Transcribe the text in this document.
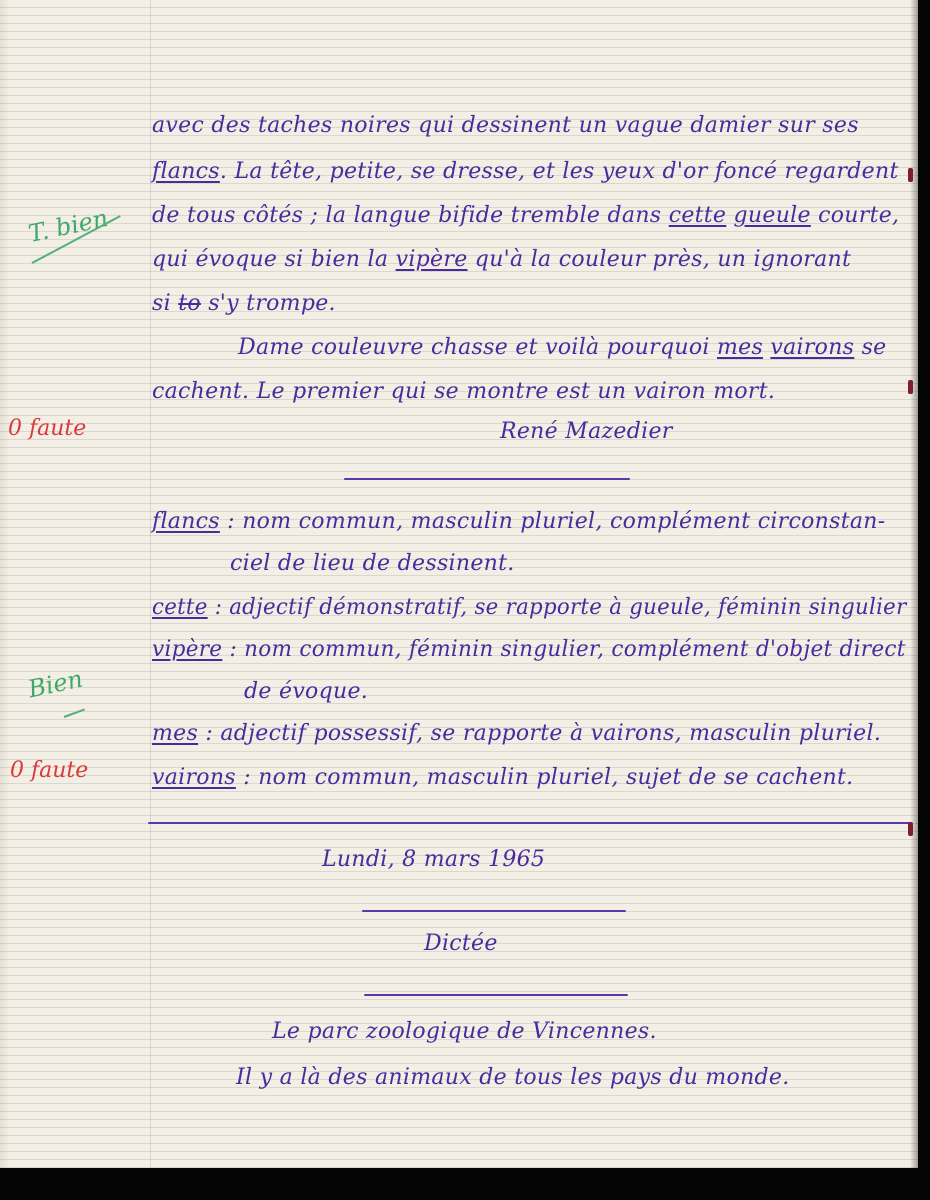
T. bien
0 faute
Bien
0 faute
avec des taches noires qui dessinent un vague damier sur ses
flancs. La tête, petite, se dresse, et les yeux d'or foncé regardent
de tous côtés ; la langue bifide tremble dans cette gueule courte,
qui évoque si bien la vipère qu'à la couleur près, un ignorant
si to s'y trompe.
Dame couleuvre chasse et voilà pourquoi mes vairons se
cachent. Le premier qui se montre est un vairon mort.
René Mazedier
flancs : nom commun, masculin pluriel, complément circonstan-
ciel de lieu de dessinent.
cette : adjectif démonstratif, se rapporte à gueule, féminin singulier
vipère : nom commun, féminin singulier, complément d'objet direct
de évoque.
mes : adjectif possessif, se rapporte à vairons, masculin pluriel.
vairons : nom commun, masculin pluriel, sujet de se cachent.
Lundi, 8 mars 1965
Dictée
Le parc zoologique de Vincennes.
Il y a là des animaux de tous les pays du monde.
